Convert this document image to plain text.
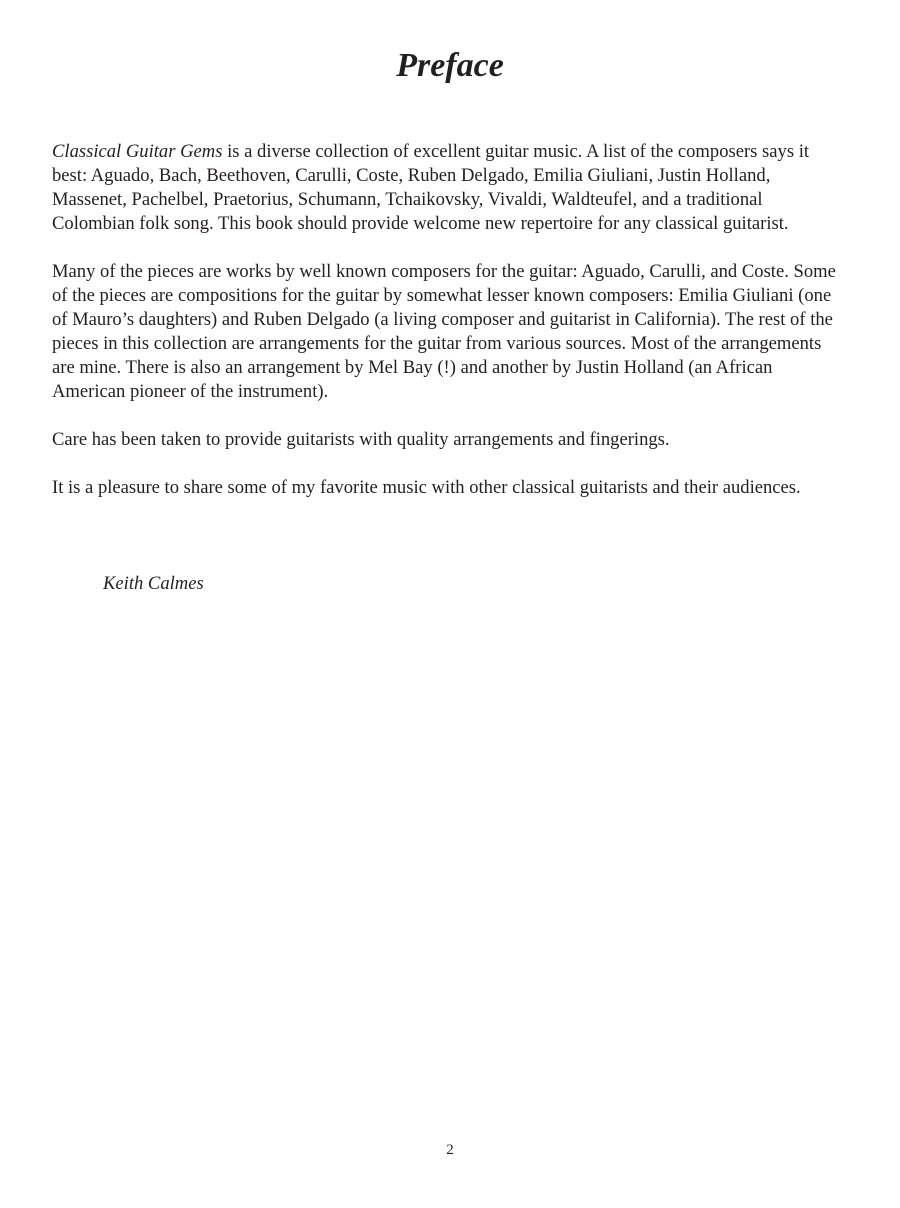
Preface

Classical Guitar Gems is a diverse collection of excellent guitar music. A list of the composers says it best: Aguado, Bach, Beethoven, Carulli, Coste, Ruben Delgado, Emilia Giuliani, Justin Holland, Massenet, Pachelbel, Praetorius, Schumann, Tchaikovsky, Vivaldi, Waldteufel, and a traditional Colombian folk song. This book should provide welcome new repertoire for any classical guitarist.

Many of the pieces are works by well known composers for the guitar: Aguado, Carulli, and Coste. Some of the pieces are compositions for the guitar by somewhat lesser known composers: Emilia Giuliani (one of Mauro’s daughters) and Ruben Delgado (a living composer and guitarist in California). The rest of the pieces in this collection are arrangements for the guitar from various sources. Most of the arrangements are mine. There is also an arrangement by Mel Bay (!) and another by Justin Holland (an African American pioneer of the instrument).

Care has been taken to provide guitarists with quality arrangements and fingerings.

It is a pleasure to share some of my favorite music with other classical guitarists and their audiences.

Keith Calmes
2
